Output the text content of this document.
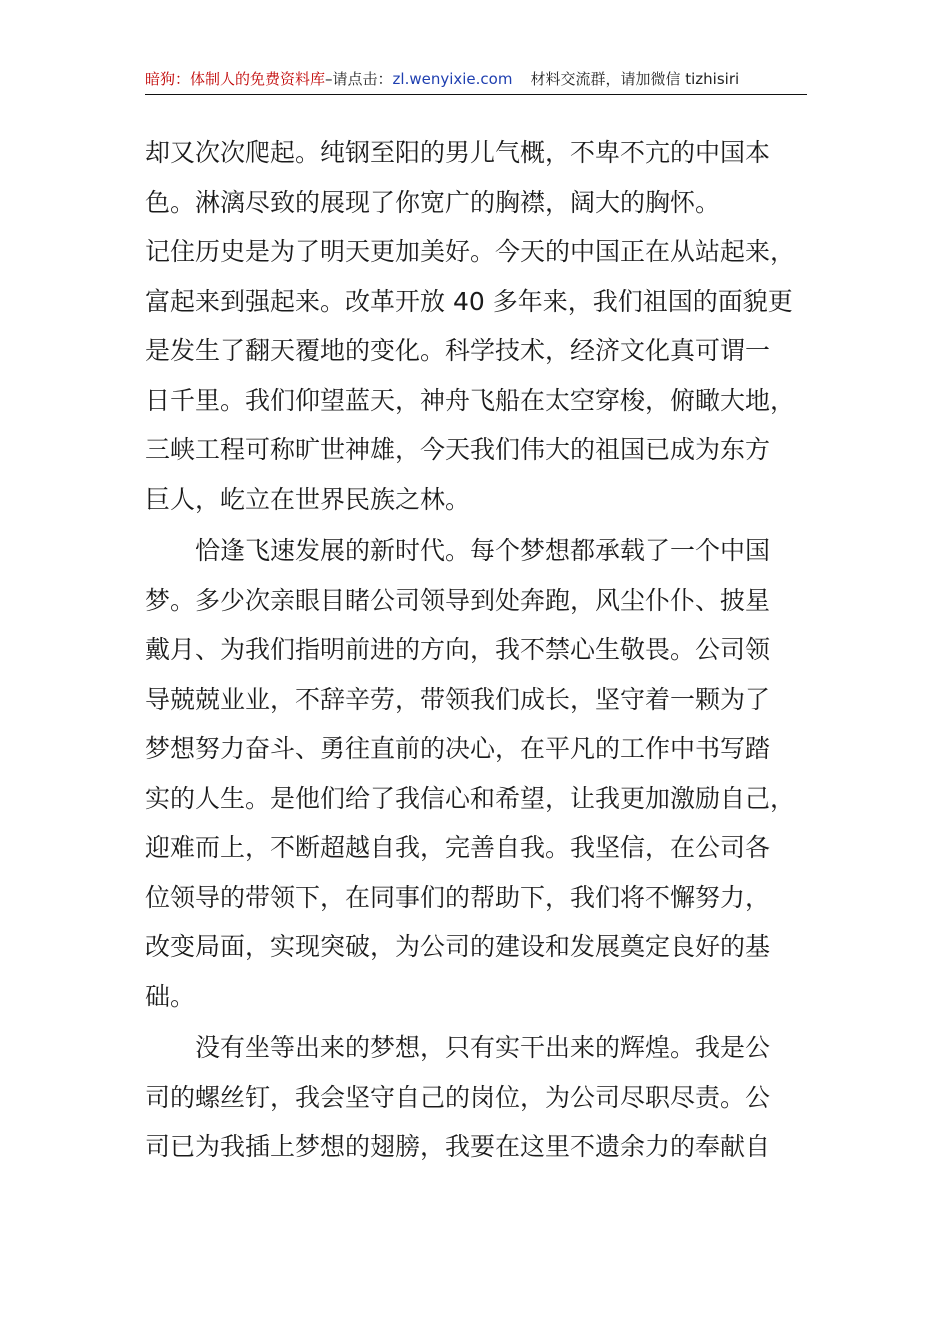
暗狗：体制人的免费资料库–请点击：zl.wenyixie.com 材料交流群，请加微信 tizhisiri
却又次次爬起。纯钢至阳的男儿气概，不卑不亢的中国本
色。淋漓尽致的展现了你宽广的胸襟，阔大的胸怀。
记住历史是为了明天更加美好。今天的中国正在从站起来，
富起来到强起来。改革开放 40 多年来，我们祖国的面貌更
是发生了翻天覆地的变化。科学技术，经济文化真可谓一
日千里。我们仰望蓝天，神舟飞船在太空穿梭，俯瞰大地，
三峡工程可称旷世神雄，今天我们伟大的祖国已成为东方
巨人，屹立在世界民族之林。
恰逢飞速发展的新时代。每个梦想都承载了一个中国
梦。多少次亲眼目睹公司领导到处奔跑，风尘仆仆、披星
戴月、为我们指明前进的方向，我不禁心生敬畏。公司领
导兢兢业业，不辞辛劳，带领我们成长，坚守着一颗为了
梦想努力奋斗、勇往直前的决心，在平凡的工作中书写踏
实的人生。是他们给了我信心和希望，让我更加激励自己，
迎难而上，不断超越自我，完善自我。我坚信，在公司各
位领导的带领下，在同事们的帮助下，我们将不懈努力，
改变局面，实现突破，为公司的建设和发展奠定良好的基
础。
没有坐等出来的梦想，只有实干出来的辉煌。我是公
司的螺丝钉，我会坚守自己的岗位，为公司尽职尽责。公
司已为我插上梦想的翅膀，我要在这里不遗余力的奉献自
